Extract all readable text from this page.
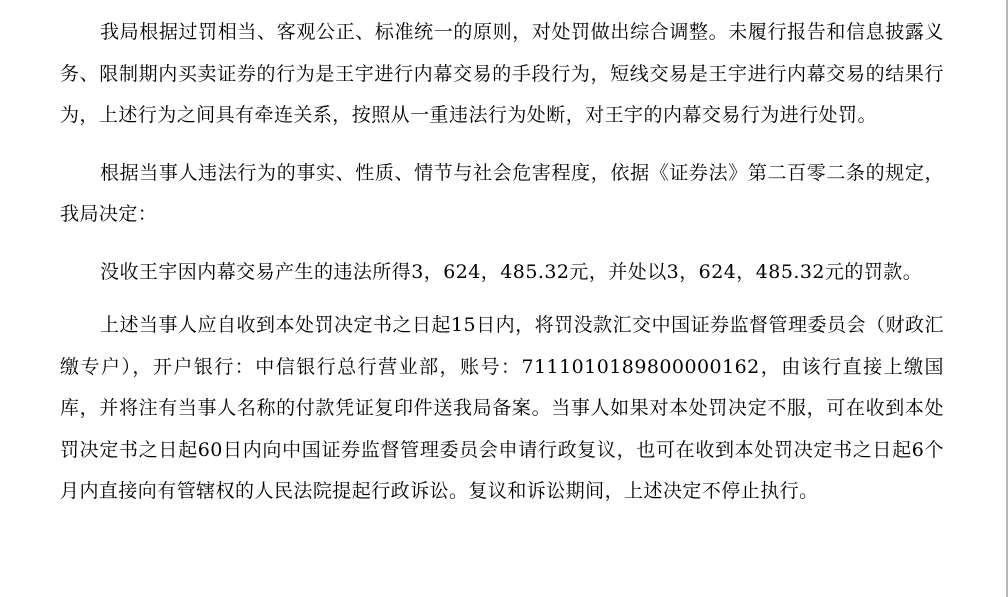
我局根据过罚相当、客观公正、标准统一的原则，对处罚做出综合调整。未履行报告和信息披露义务、限制期内买卖证券的行为是王宇进行内幕交易的手段行为，短线交易是王宇进行内幕交易的结果行为，上述行为之间具有牵连关系，按照从一重违法行为处断，对王宇的内幕交易行为进行处罚。

根据当事人违法行为的事实、性质、情节与社会危害程度，依据《证券法》第二百零二条的规定，我局决定：

没收王宇因内幕交易产生的违法所得3，624，485.32元，并处以3，624，485.32元的罚款。

上述当事人应自收到本处罚决定书之日起15日内，将罚没款汇交中国证券监督管理委员会（财政汇缴专户），开户银行：中信银行总行营业部，账号：7111010189800000162，由该行直接上缴国库，并将注有当事人名称的付款凭证复印件送我局备案。当事人如果对本处罚决定不服，可在收到本处罚决定书之日起60日内向中国证券监督管理委员会申请行政复议，也可在收到本处罚决定书之日起6个月内直接向有管辖权的人民法院提起行政诉讼。复议和诉讼期间，上述决定不停止执行。
